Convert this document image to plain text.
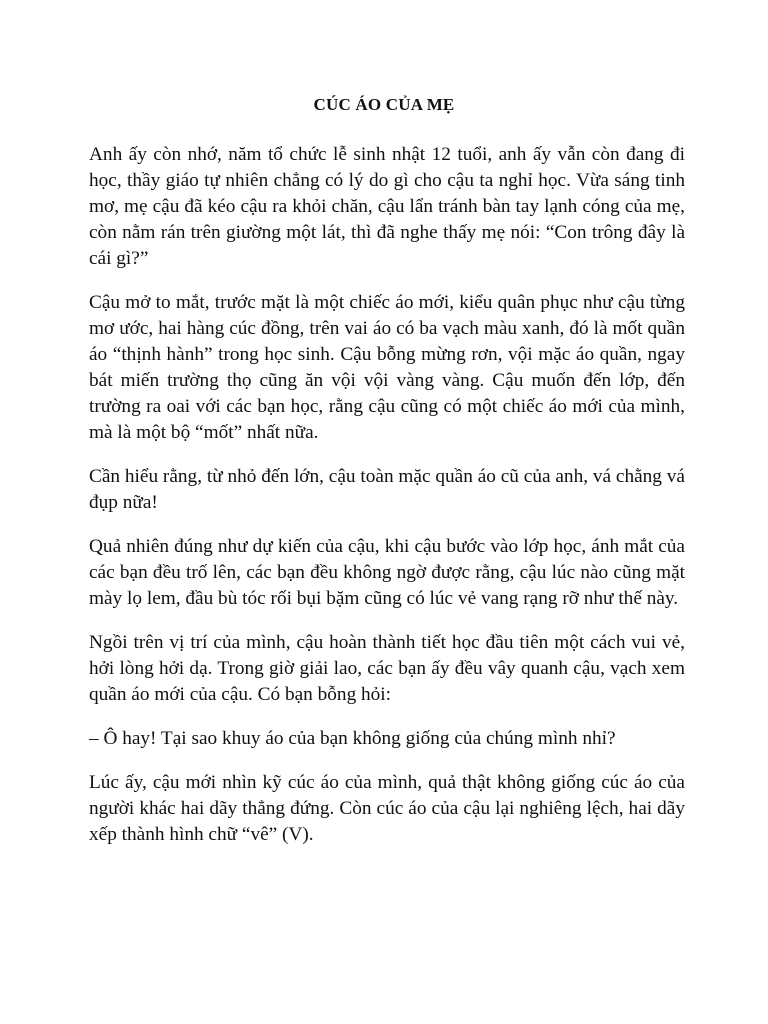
CÚC ÁO CỦA MẸ

Anh ấy còn nhớ, năm tổ chức lễ sinh nhật 12 tuổi, anh ấy vẫn còn đang đi học, thầy giáo tự nhiên chẳng có lý do gì cho cậu ta nghỉ học. Vừa sáng tinh mơ, mẹ cậu đã kéo cậu ra khỏi chăn, cậu lẩn tránh bàn tay lạnh cóng của mẹ, còn nằm rán trên giường một lát, thì đã nghe thấy mẹ nói: “Con trông đây là cái gì?”

Cậu mở to mắt, trước mặt là một chiếc áo mới, kiểu quân phục như cậu từng mơ ước, hai hàng cúc đồng, trên vai áo có ba vạch màu xanh, đó là mốt quần áo “thịnh hành” trong học sinh. Cậu bỗng mừng rơn, vội mặc áo quần, ngay bát miến trường thọ cũng ăn vội vội vàng vàng. Cậu muốn đến lớp, đến trường ra oai với các bạn học, rằng cậu cũng có một chiếc áo mới của mình, mà là một bộ “mốt” nhất nữa.

Cần hiểu rằng, từ nhỏ đến lớn, cậu toàn mặc quần áo cũ của anh, vá chằng vá đụp nữa!

Quả nhiên đúng như dự kiến của cậu, khi cậu bước vào lớp học, ánh mắt của các bạn đều trố lên, các bạn đều không ngờ được rằng, cậu lúc nào cũng mặt mày lọ lem, đầu bù tóc rối bụi bặm cũng có lúc vẻ vang rạng rỡ như thế này.

Ngồi trên vị trí của mình, cậu hoàn thành tiết học đầu tiên một cách vui vẻ, hởi lòng hởi dạ. Trong giờ giải lao, các bạn ấy đều vây quanh cậu, vạch xem quần áo mới của cậu. Có bạn bỗng hỏi:

– Ô hay! Tại sao khuy áo của bạn không giống của chúng mình nhỉ?

Lúc ấy, cậu mới nhìn kỹ cúc áo của mình, quả thật không giống cúc áo của người khác hai dãy thẳng đứng. Còn cúc áo của cậu lại nghiêng lệch, hai dãy xếp thành hình chữ “vê” (V).
